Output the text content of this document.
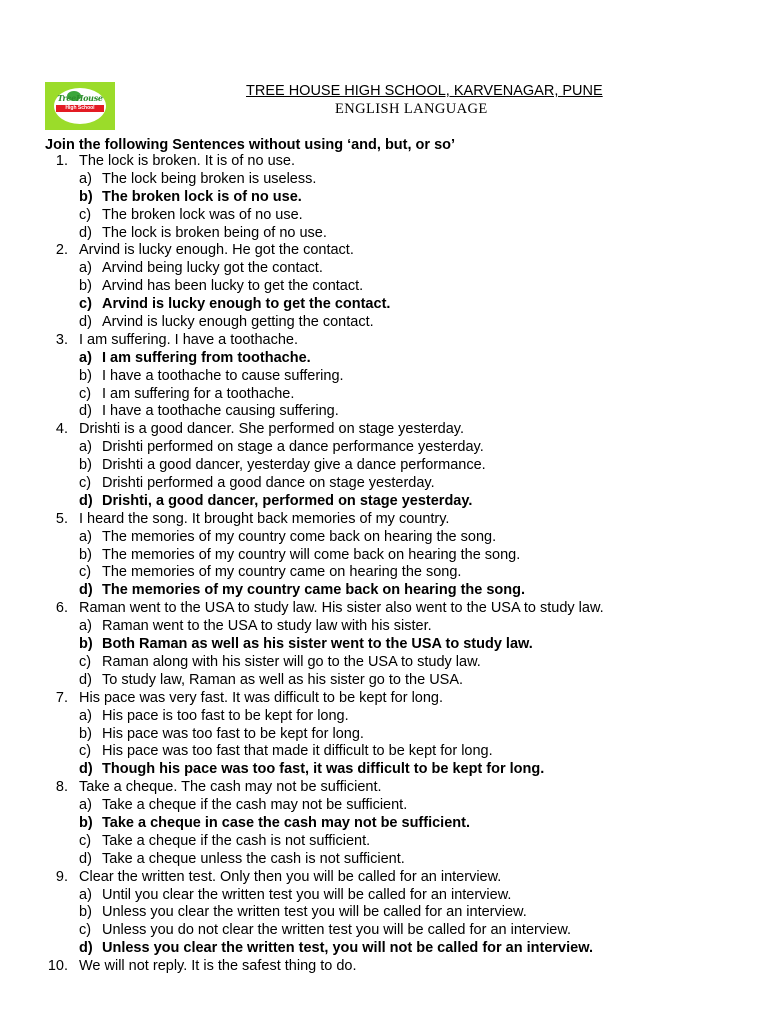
TreeHouse
High School
TREE HOUSE HIGH SCHOOL, KARVENAGAR, PUNE
ENGLISH LANGUAGE
Join the following Sentences without using ‘and, but, or so’
1. The lock is broken. It is of no use.
a) The lock being broken is useless.
b) The broken lock is of no use.
c) The broken lock was of no use.
d) The lock is broken being of no use.
2. Arvind is lucky enough. He got the contact.
a) Arvind being lucky got the contact.
b) Arvind has been lucky to get the contact.
c) Arvind is lucky enough to get the contact.
d) Arvind is lucky enough getting the contact.
3. I am suffering. I have a toothache.
a) I am suffering from toothache.
b) I have a toothache to cause suffering.
c) I am suffering for a toothache.
d) I have a toothache causing suffering.
4. Drishti is a good dancer. She performed on stage yesterday.
a) Drishti performed on stage a dance performance yesterday.
b) Drishti a good dancer, yesterday give a dance performance.
c) Drishti performed a good dance on stage yesterday.
d) Drishti, a good dancer, performed on stage yesterday.
5. I heard the song. It brought back memories of my country.
a) The memories of my country come back on hearing the song.
b) The memories of my country will come back on hearing the song.
c) The memories of my country came on hearing the song.
d) The memories of my country came back on hearing the song.
6. Raman went to the USA to study law. His sister also went to the USA to study law.
a) Raman went to the USA to study law with his sister.
b) Both Raman as well as his sister went to the USA to study law.
c) Raman along with his sister will go to the USA to study law.
d) To study law, Raman as well as his sister go to the USA.
7. His pace was very fast. It was difficult to be kept for long.
a) His pace is too fast to be kept for long.
b) His pace was too fast to be kept for long.
c) His pace was too fast that made it difficult to be kept for long.
d) Though his pace was too fast, it was difficult to be kept for long.
8. Take a cheque. The cash may not be sufficient.
a) Take a cheque if the cash may not be sufficient.
b) Take a cheque in case the cash may not be sufficient.
c) Take a cheque if the cash is not sufficient.
d) Take a cheque unless the cash is not sufficient.
9. Clear the written test. Only then you will be called for an interview.
a) Until you clear the written test you will be called for an interview.
b) Unless you clear the written test you will be called for an interview.
c) Unless you do not clear the written test you will be called for an interview.
d) Unless you clear the written test, you will not be called for an interview.
10. We will not reply. It is the safest thing to do.
